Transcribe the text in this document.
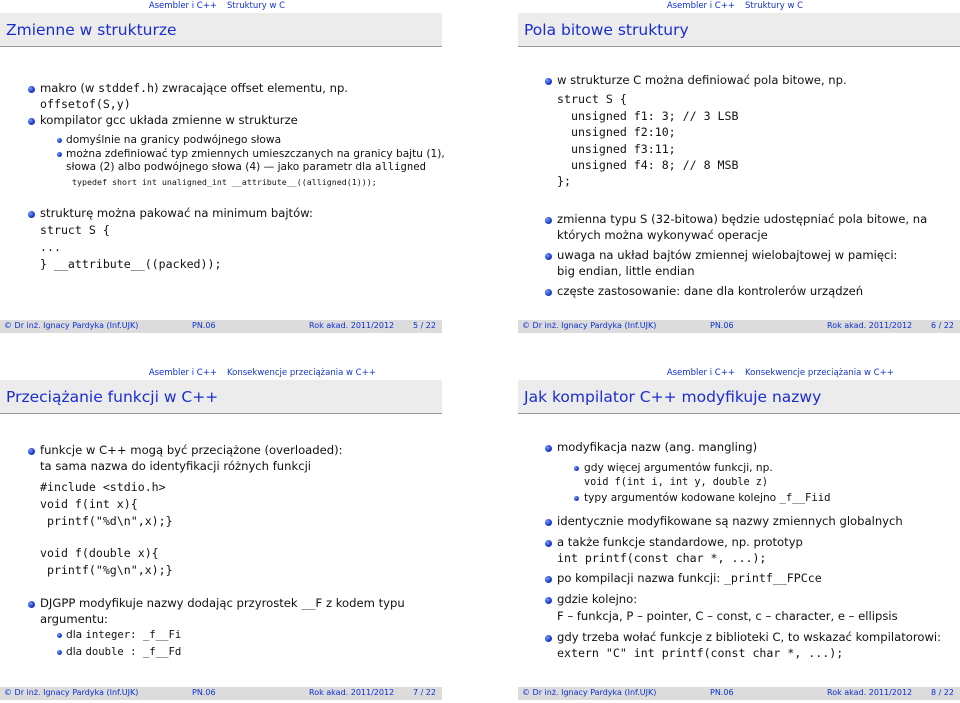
Asembler i C++ Struktury w C
Zmienne w strukturze
makro (w stddef.h) zwracające offset elementu, np.
offsetof(S,y)
kompilator gcc układa zmienne w strukturze
domyślnie na granicy podwójnego słowa
można zdefiniować typ zmiennych umieszczanych na granicy bajtu (1),
słowa (2) albo podwójnego słowa (4) — jako parametr dla alligned
typedef short int unaligned_int __attribute__((alligned(1)));
strukturę można pakować na minimum bajtów:
struct S {
...
} __attribute__((packed));
© Dr inż. Ignacy Pardyka (Inf.UJK)	PN.06	Rok akad. 2011/2012 5 / 22
Asembler i C++ Struktury w C
Pola bitowe struktury
w strukturze C można definiować pola bitowe, np.
struct S {
unsigned f1: 3; // 3 LSB
unsigned f2:10;
unsigned f3:11;
unsigned f4: 8; // 8 MSB
};
zmienna typu S (32-bitowa) będzie udostępniać pola bitowe, na
których można wykonywać operacje
uwaga na układ bajtów zmiennej wielobajtowej w pamięci:
big endian, little endian
częste zastosowanie: dane dla kontrolerów urządzeń
© Dr inż. Ignacy Pardyka (Inf.UJK)	PN.06	Rok akad. 2011/2012 6 / 22
Asembler i C++ Konsekwencje przeciążania w C++
Przeciążanie funkcji w C++
funkcje w C++ mogą być przeciążone (overloaded):
ta sama nazwa do identyfikacji różnych funkcji
#include <stdio.h>
void f(int x){
printf("%d\n",x);}
void f(double x){
printf("%g\n",x);}
DJGPP modyfikuje nazwy dodając przyrostek __F z kodem typu
argumentu:
dla integer: _f__Fi
dla double : _f__Fd
© Dr inż. Ignacy Pardyka (Inf.UJK)	PN.06	Rok akad. 2011/2012 7 / 22
Asembler i C++ Konsekwencje przeciążania w C++
Jak kompilator C++ modyfikuje nazwy
modyfikacja nazw (ang. mangling)
gdy więcej argumentów funkcji, np.
void f(int i, int y, double z)
typy argumentów kodowane kolejno _f__Fiid
identycznie modyfikowane są nazwy zmiennych globalnych
a także funkcje standardowe, np. prototyp
int printf(const char *, ...);
po kompilacji nazwa funkcji: _printf__FPCce
gdzie kolejno:
F – funkcja, P – pointer, C – const, c – character, e – ellipsis
gdy trzeba wołać funkcje z biblioteki C, to wskazać kompilatorowi:
extern "C" int printf(const char *, ...);
© Dr inż. Ignacy Pardyka (Inf.UJK)	PN.06	Rok akad. 2011/2012 8 / 22
